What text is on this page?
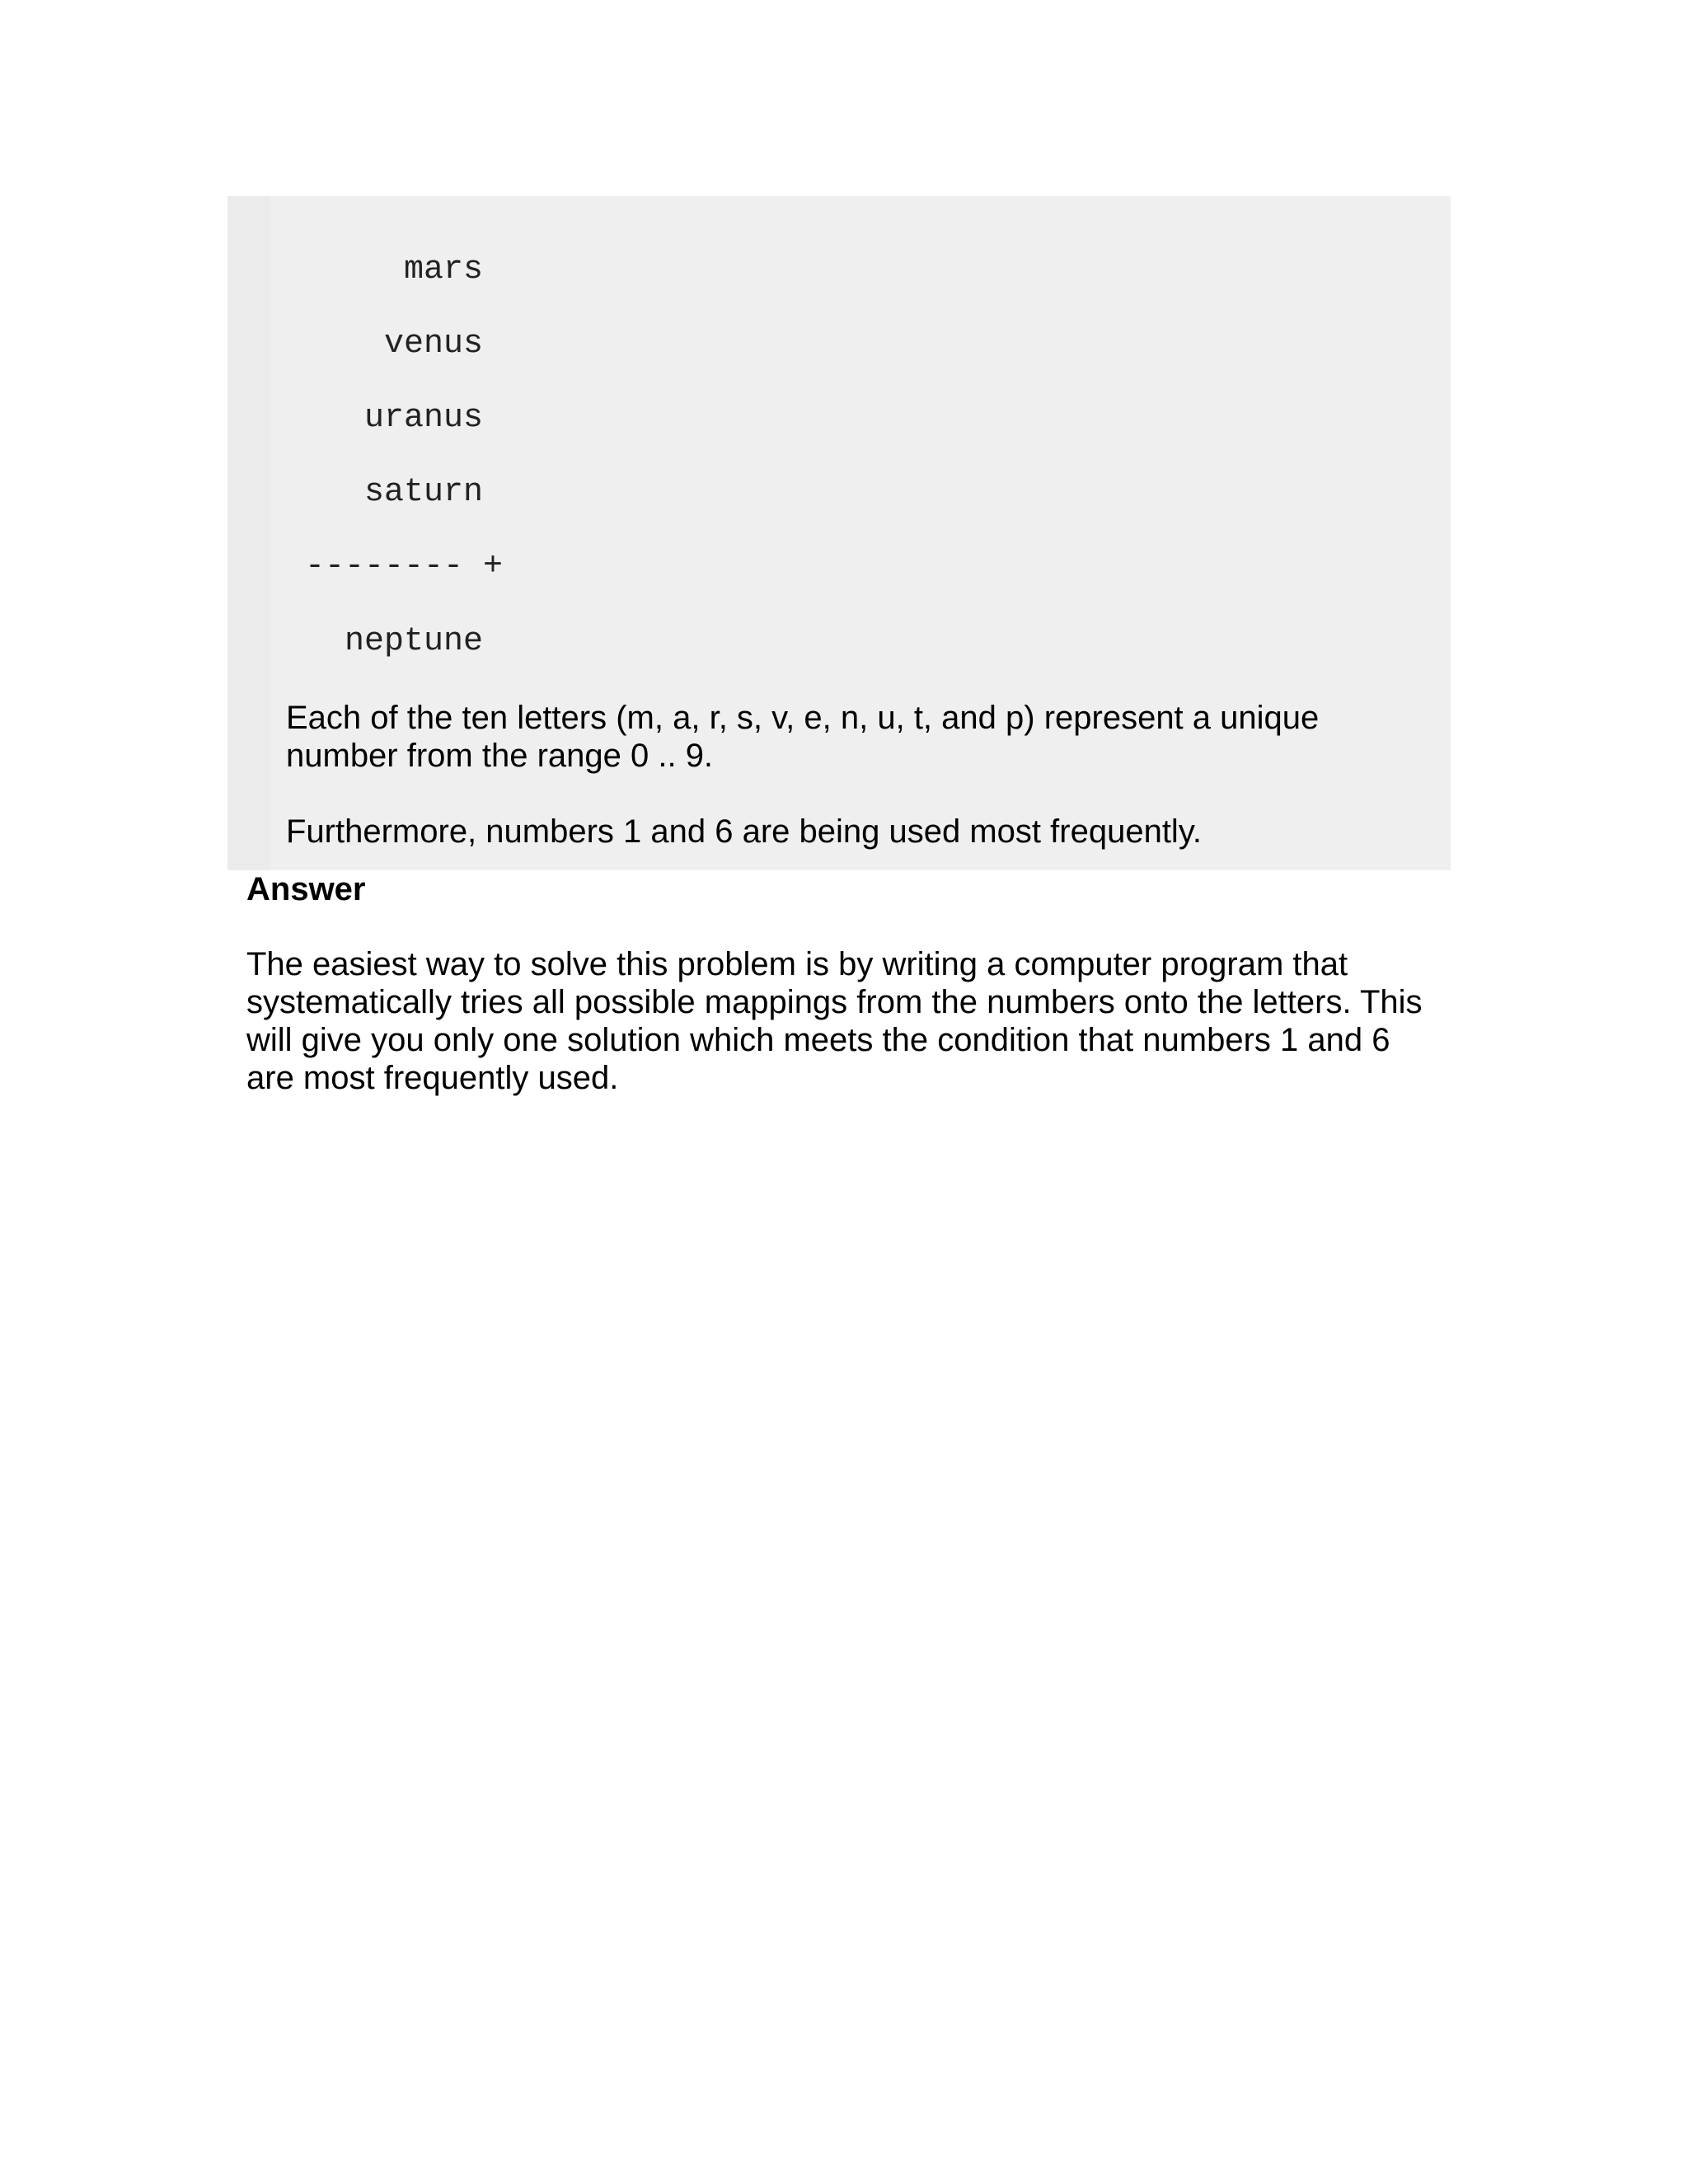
mars

venus

uranus

saturn

-------- +

neptune

Each of the ten letters (m, a, r, s, v, e, n, u, t, and p) represent a unique number from the range 0 .. 9.

Furthermore, numbers 1 and 6 are being used most frequently.

Answer

The easiest way to solve this problem is by writing a computer program that systematically tries all possible mappings from the numbers onto the letters. This will give you only one solution which meets the condition that numbers 1 and 6 are most frequently used.
